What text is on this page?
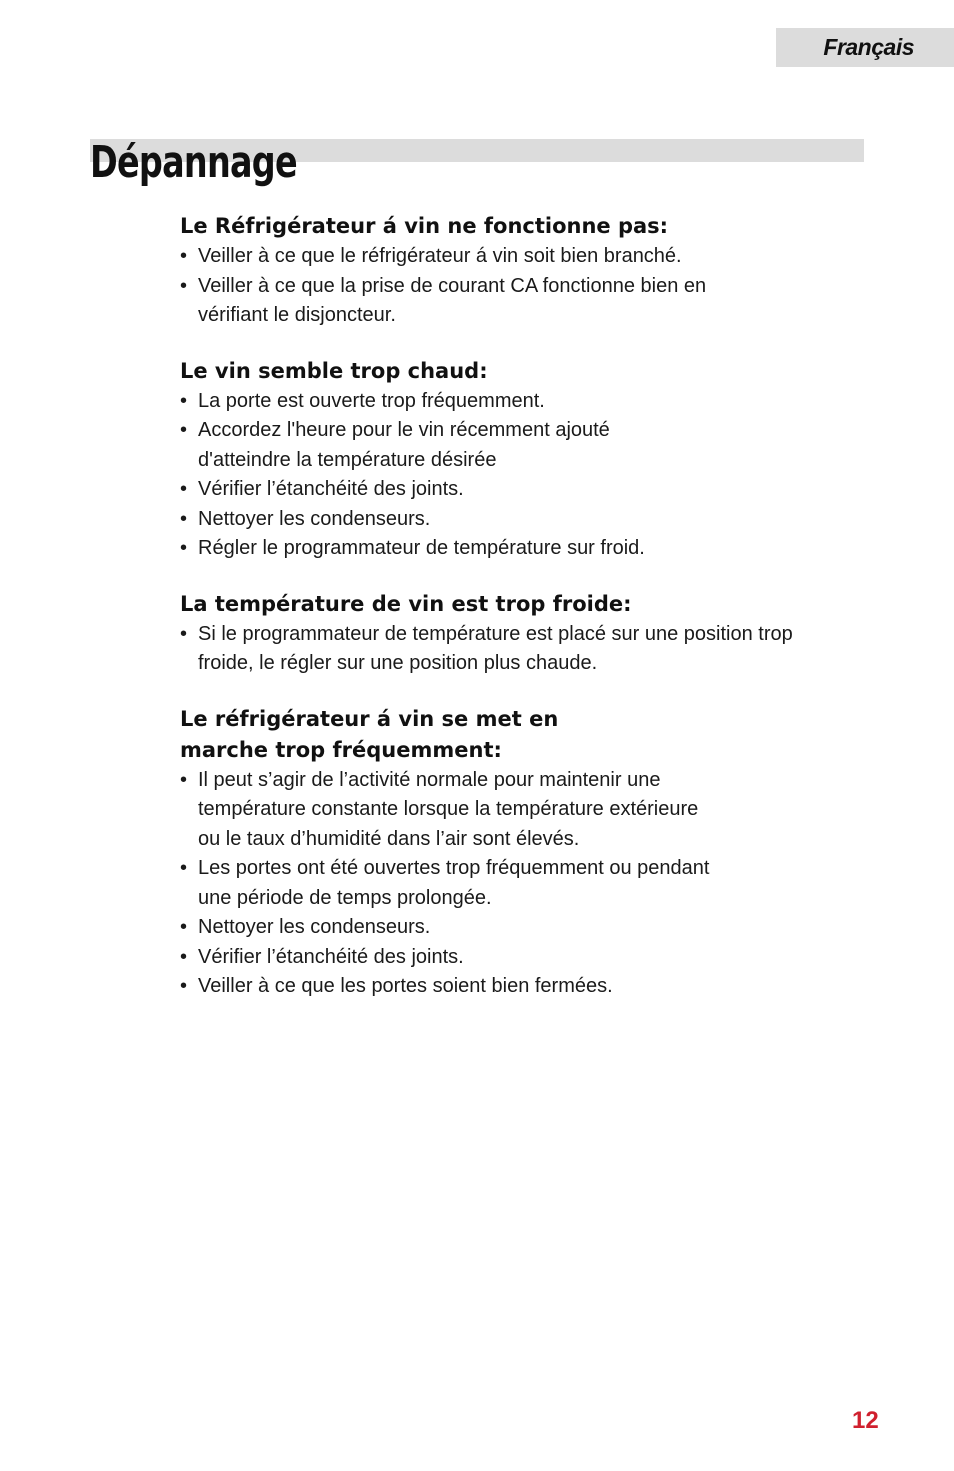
Français
Dépannage
Le Réfrigérateur á vin ne fonctionne pas:
• Veiller à ce que le réfrigérateur á vin soit bien branché.
• Veiller à ce que la prise de courant CA fonctionne bien en
vérifiant le disjoncteur.
Le vin semble trop chaud:
• La porte est ouverte trop fréquemment.
• Accordez l'heure pour le vin récemment ajouté
d'atteindre la température désirée
• Vérifier l’étanchéité des joints.
• Nettoyer les condenseurs.
• Régler le programmateur de température sur froid.
La température de vin est trop froide:
• Si le programmateur de température est placé sur une position trop
froide, le régler sur une position plus chaude.
Le réfrigérateur á vin se met en
marche trop fréquemment:
• Il peut s’agir de l’activité normale pour maintenir une
température constante lorsque la température extérieure
ou le taux d’humidité dans l’air sont élevés.
• Les portes ont été ouvertes trop fréquemment ou pendant
une période de temps prolongée.
• Nettoyer les condenseurs.
• Vérifier l’étanchéité des joints.
• Veiller à ce que les portes soient bien fermées.
12
